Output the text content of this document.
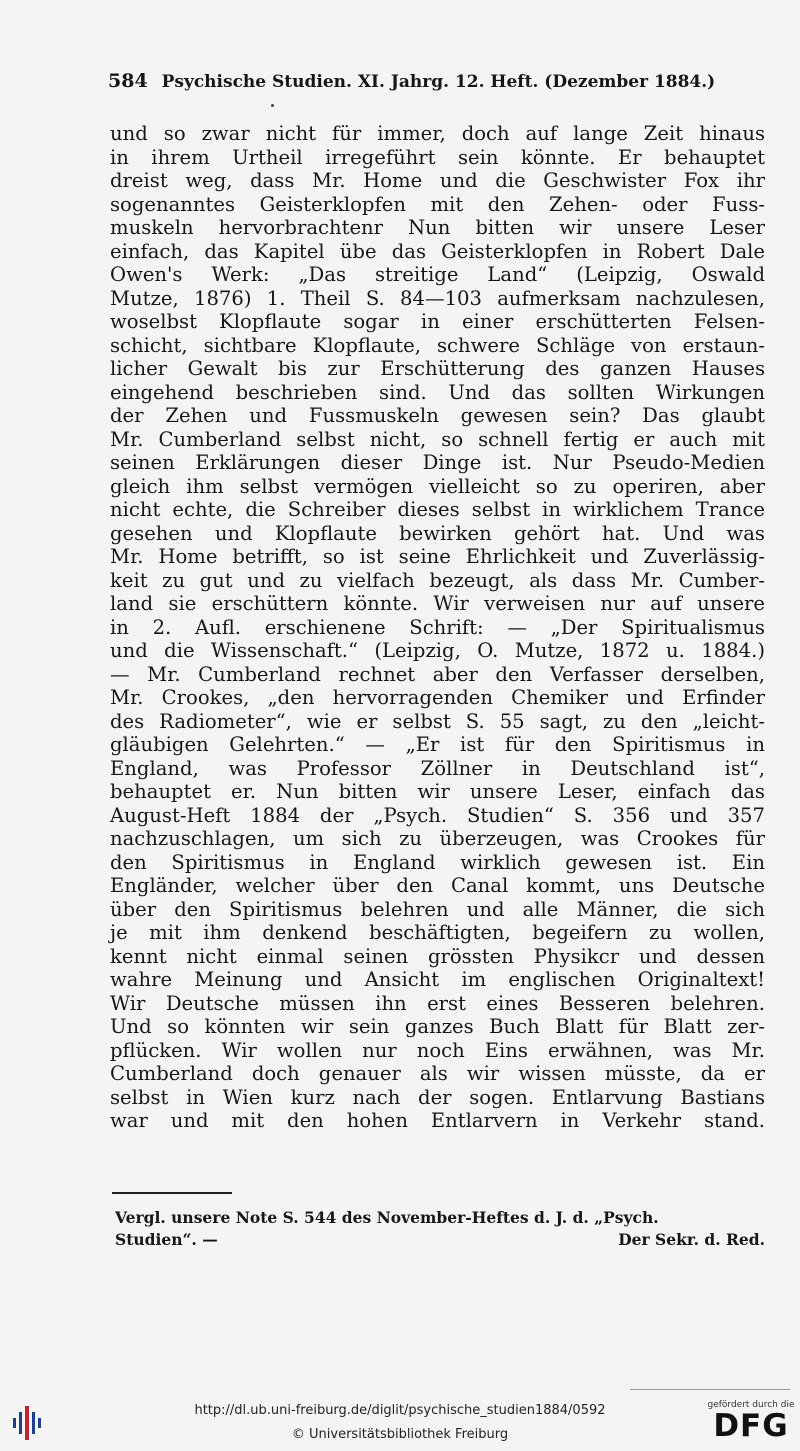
584 Psychische Studien. XI. Jahrg. 12. Heft. (Dezember 1884.)
und so zwar nicht für immer, doch auf lange Zeit hinaus
in ihrem Urtheil irregeführt sein könnte. Er behauptet
dreist weg, dass Mr. Home und die Geschwister Fox ihr
sogenanntes Geisterklopfen mit den Zehen- oder Fuss-
muskeln hervorbrachtenr Nun bitten wir unsere Leser
einfach, das Kapitel übe das Geisterklopfen in Robert Dale
Owen's Werk: „Das streitige Land“ (Leipzig, Oswald
Mutze, 1876) 1. Theil S. 84—103 aufmerksam nachzulesen,
woselbst Klopflaute sogar in einer erschütterten Felsen-
schicht, sichtbare Klopflaute, schwere Schläge von erstaun-
licher Gewalt bis zur Erschütterung des ganzen Hauses
eingehend beschrieben sind. Und das sollten Wirkungen
der Zehen und Fussmuskeln gewesen sein? Das glaubt
Mr. Cumberland selbst nicht, so schnell fertig er auch mit
seinen Erklärungen dieser Dinge ist. Nur Pseudo-Medien
gleich ihm selbst vermögen vielleicht so zu operiren, aber
nicht echte, die Schreiber dieses selbst in wirklichem Trance
gesehen und Klopflaute bewirken gehört hat. Und was
Mr. Home betrifft, so ist seine Ehrlichkeit und Zuverlässig-
keit zu gut und zu vielfach bezeugt, als dass Mr. Cumber-
land sie erschüttern könnte. Wir verweisen nur auf unsere
in 2. Aufl. erschienene Schrift: — „Der Spiritualismus
und die Wissenschaft.“ (Leipzig, O. Mutze, 1872 u. 1884.)
— Mr. Cumberland rechnet aber den Verfasser derselben,
Mr. Crookes, „den hervorragenden Chemiker und Erfinder
des Radiometer“, wie er selbst S. 55 sagt, zu den „leicht-
gläubigen Gelehrten.“ — „Er ist für den Spiritismus in
England, was Professor Zöllner in Deutschland ist“,
behauptet er. Nun bitten wir unsere Leser, einfach das
August-Heft 1884 der „Psych. Studien“ S. 356 und 357
nachzuschlagen, um sich zu überzeugen, was Crookes für
den Spiritismus in England wirklich gewesen ist. Ein
Engländer, welcher über den Canal kommt, uns Deutsche
über den Spiritismus belehren und alle Männer, die sich
je mit ihm denkend beschäftigten, begeifern zu wollen,
kennt nicht einmal seinen grössten Physikcr und dessen
wahre Meinung und Ansicht im englischen Originaltext!
Wir Deutsche müssen ihn erst eines Besseren belehren.
Und so könnten wir sein ganzes Buch Blatt für Blatt zer-
pflücken. Wir wollen nur noch Eins erwähnen, was Mr.
Cumberland doch genauer als wir wissen müsste, da er
selbst in Wien kurz nach der sogen. Entlarvung Bastians
war und mit den hohen Entlarvern in Verkehr stand.
Vergl. unsere Note S. 544 des November-Heftes d. J. d. „Psych.
Studien“. —	Der Sekr. d. Red.
http://dl.ub.uni-freiburg.de/diglit/psychische_studien1884/0592
© Universitätsbibliothek Freiburg
gefördert durch die
DFG
